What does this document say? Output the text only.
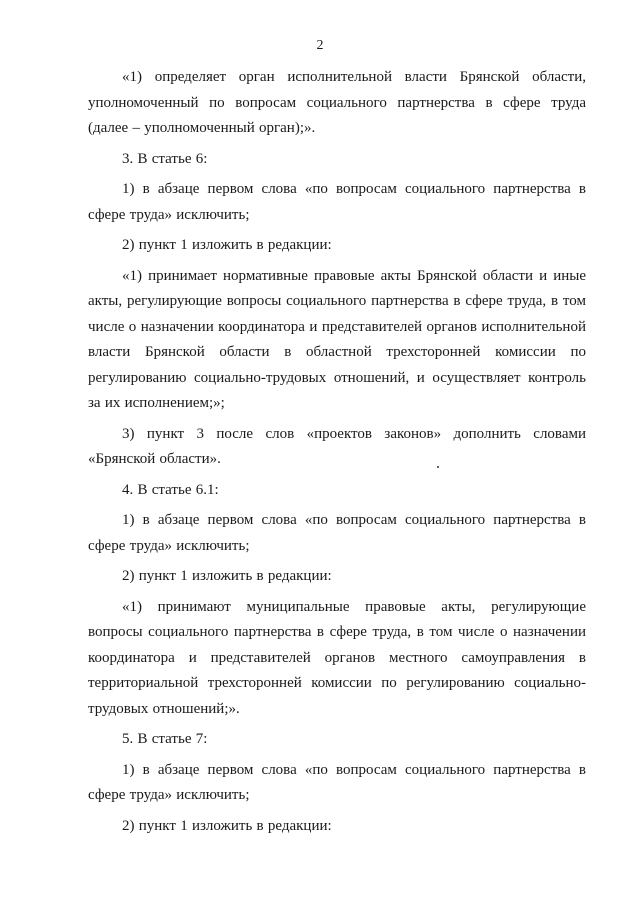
2

«1) определяет орган исполнительной власти Брянской области, уполномоченный по вопросам социального партнерства в сфере труда (далее – уполномоченный орган);».

3. В статье 6:

1) в абзаце первом слова «по вопросам социального партнерства в сфере труда» исключить;

2) пункт 1 изложить в редакции:

«1) принимает нормативные правовые акты Брянской области и иные акты, регулирующие вопросы социального партнерства в сфере труда, в том числе о назначении координатора и представителей органов исполнительной власти Брянской области в областной трехсторонней комиссии по регулированию социально-трудовых отношений, и осуществляет контроль за их исполнением;»;

3) пункт 3 после слов «проектов законов» дополнить словами «Брянской области».

4. В статье 6.1:

1) в абзаце первом слова «по вопросам социального партнерства в сфере труда» исключить;

2) пункт 1 изложить в редакции:

«1) принимают муниципальные правовые акты, регулирующие вопросы социального партнерства в сфере труда, в том числе о назначении координатора и представителей органов местного самоуправления в территориальной трехсторонней комиссии по регулированию социально-трудовых отношений;».

5. В статье 7:

1) в абзаце первом слова «по вопросам социального партнерства в сфере труда» исключить;

2) пункт 1 изложить в редакции:
